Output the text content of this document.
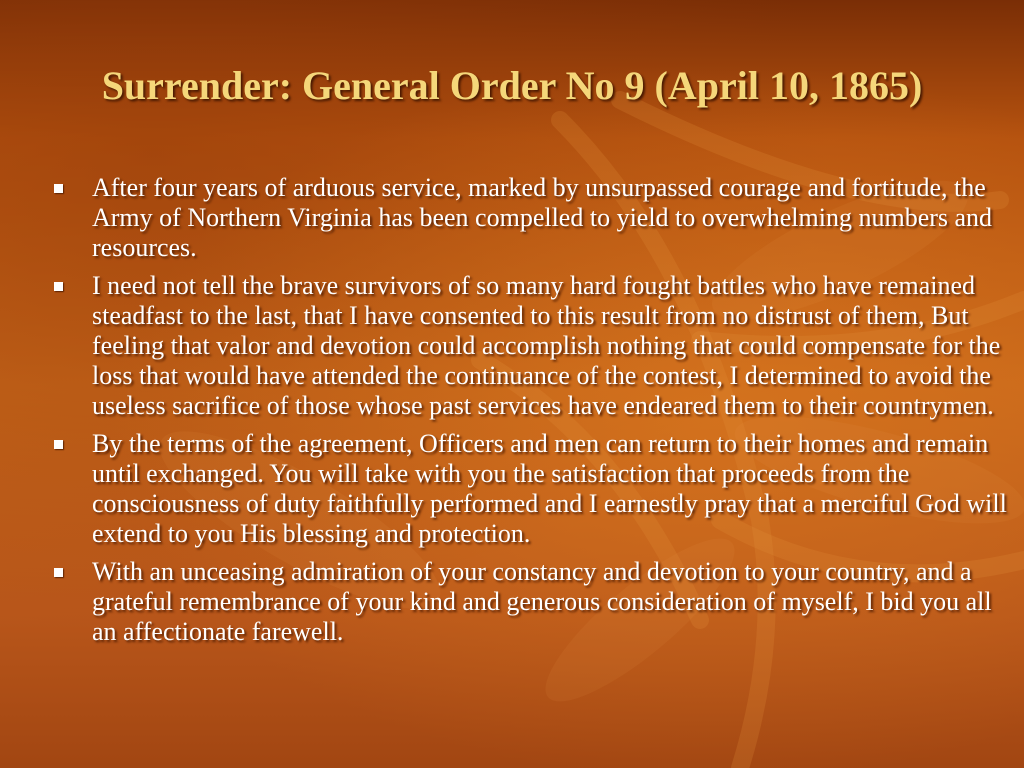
Surrender: General Order No 9 (April 10, 1865)
After four years of arduous service, marked by unsurpassed courage and fortitude, the Army of Northern Virginia has been compelled to yield to overwhelming numbers and resources.
I need not tell the brave survivors of so many hard fought battles who have remained steadfast to the last, that I have consented to this result from no distrust of them, But feeling that valor and devotion could accomplish nothing that could compensate for the loss that would have attended the continuance of the contest, I determined to avoid the useless sacrifice of those whose past services have endeared them to their countrymen.
By the terms of the agreement, Officers and men can return to their homes and remain until exchanged. You will take with you the satisfaction that proceeds from the consciousness of duty faithfully performed and I earnestly pray that a merciful God will extend to you His blessing and protection.
With an unceasing admiration of your constancy and devotion to your country, and a grateful remembrance of your kind and generous consideration of myself, I bid you all an affectionate farewell.
